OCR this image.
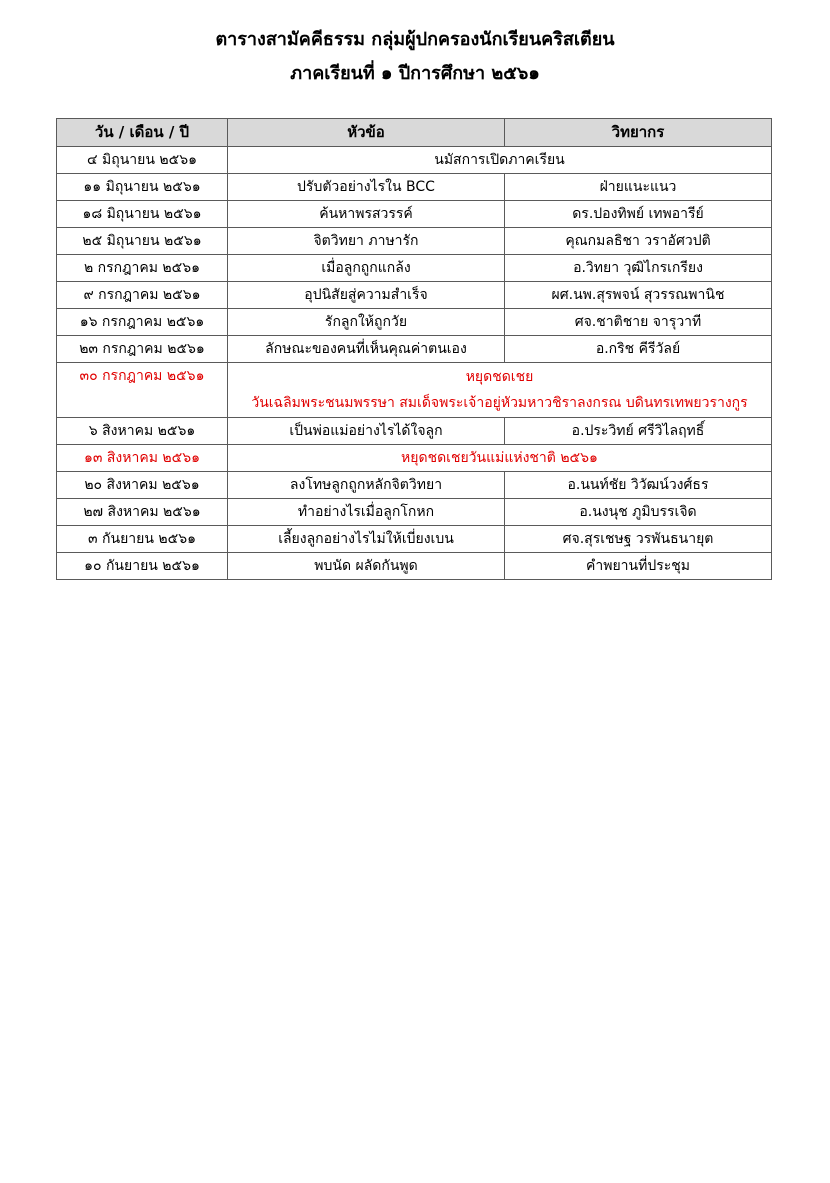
ตารางสามัคคีธรรม กลุ่มผู้ปกครองนักเรียนคริสเตียน
ภาคเรียนที่ ๑ ปีการศึกษา ๒๕๖๑
วัน / เดือน / ปี	หัวข้อ	วิทยากร
๔ มิถุนายน ๒๕๖๑	นมัสการเปิดภาคเรียน	
๑๑ มิถุนายน ๒๕๖๑	ปรับตัวอย่างไรใน BCC	ฝ่ายแนะแนว
๑๘ มิถุนายน ๒๕๖๑	ค้นหาพรสวรรค์	ดร.ปองทิพย์ เทพอารีย์
๒๕ มิถุนายน ๒๕๖๑	จิตวิทยา ภาษารัก	คุณกมลธิชา วราอัศวปติ
๒ กรกฎาคม ๒๕๖๑	เมื่อลูกถูกแกล้ง	อ.วิทยา วุฒิไกรเกรียง
๙ กรกฎาคม ๒๕๖๑	อุปนิสัยสู่ความสำเร็จ	ผศ.นพ.สุรพจน์ สุวรรณพานิช
๑๖ กรกฎาคม ๒๕๖๑	รักลูกให้ถูกวัย	ศจ.ชาติชาย จารุวาที
๒๓ กรกฎาคม ๒๕๖๑	ลักษณะของคนที่เห็นคุณค่าตนเอง	อ.กริช คีรีวัลย์
๓๐ กรกฎาคม ๒๕๖๑	หยุดชดเชย
วันเฉลิมพระชนมพรรษา สมเด็จพระเจ้าอยู่หัวมหาวชิราลงกรณ บดินทรเทพยวรางกูร	

๖ สิงหาคม ๒๕๖๑	เป็นพ่อแม่อย่างไรได้ใจลูก	อ.ประวิทย์ ศรีวิไลฤทธิ์
๑๓ สิงหาคม ๒๕๖๑	หยุดชดเชยวันแม่แห่งชาติ ๒๕๖๑	
๒๐ สิงหาคม ๒๕๖๑	ลงโทษลูกถูกหลักจิตวิทยา	อ.นนท์ชัย วิวัฒน์วงศ์ธร
๒๗ สิงหาคม ๒๕๖๑	ทำอย่างไรเมื่อลูกโกหก	อ.นงนุช ภูมิบรรเจิด
๓ กันยายน ๒๕๖๑	เลี้ยงลูกอย่างไรไม่ให้เบี่ยงเบน	ศจ.สุรเชษฐ วรพันธนายุต
๑๐ กันยายน ๒๕๖๑	พบนัด ผลัดกันพูด	คำพยานที่ประชุม
